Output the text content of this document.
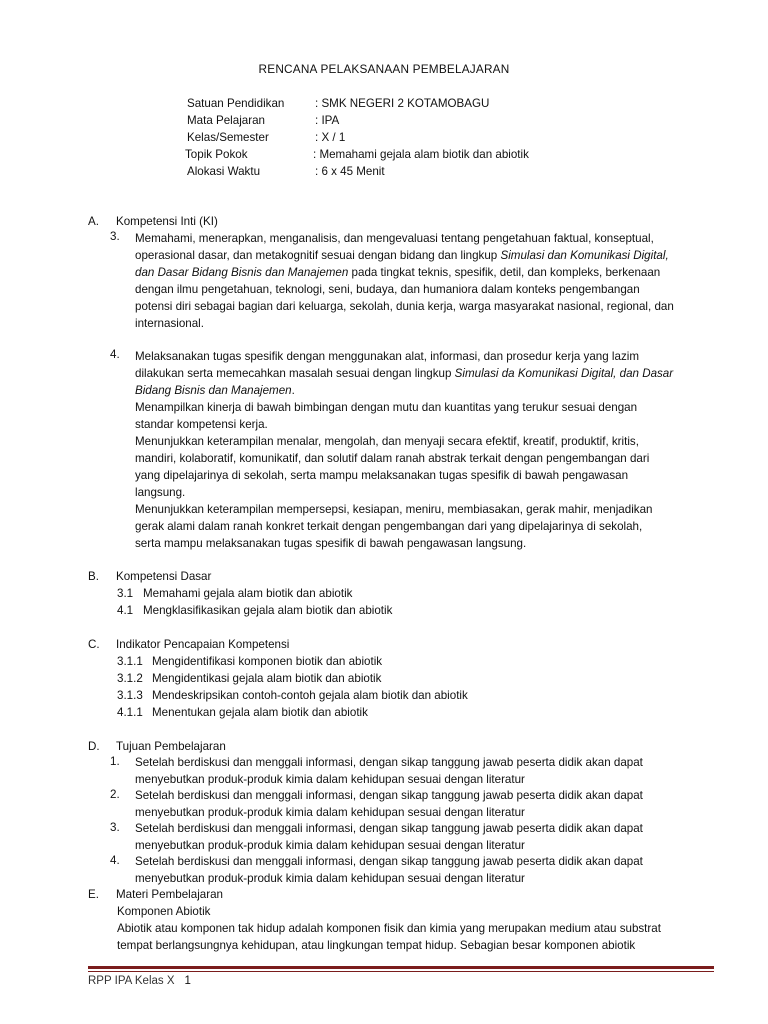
RENCANA PELAKSANAAN PEMBELAJARAN
Satuan Pendidikan	: SMK NEGERI 2 KOTAMOBAGU
Mata Pelajaran	: IPA
Kelas/Semester	: X / 1
Topik Pokok	: Memahami gejala alam biotik dan abiotik
Alokasi Waktu	: 6 x 45 Menit
A.	Kompetensi Inti (KI)
3.	Memahami, menerapkan, menganalisis, dan mengevaluasi tentang pengetahuan faktual, konseptual,
operasional dasar, dan metakognitif sesuai dengan bidang dan lingkup Simulasi dan Komunikasi Digital,
dan Dasar Bidang Bisnis dan Manajemen pada tingkat teknis, spesifik, detil, dan kompleks, berkenaan
dengan ilmu pengetahuan, teknologi, seni, budaya, dan humaniora dalam konteks pengembangan
potensi diri sebagai bagian dari keluarga, sekolah, dunia kerja, warga masyarakat nasional, regional, dan
internasional.
4.	Melaksanakan tugas spesifik dengan menggunakan alat, informasi, dan prosedur kerja yang lazim
dilakukan serta memecahkan masalah sesuai dengan lingkup Simulasi da Komunikasi Digital, dan Dasar
Bidang Bisnis dan Manajemen.
Menampilkan kinerja di bawah bimbingan dengan mutu dan kuantitas yang terukur sesuai dengan
standar kompetensi kerja.
Menunjukkan keterampilan menalar, mengolah, dan menyaji secara efektif, kreatif, produktif, kritis,
mandiri, kolaboratif, komunikatif, dan solutif dalam ranah abstrak terkait dengan pengembangan dari
yang dipelajarinya di sekolah, serta mampu melaksanakan tugas spesifik di bawah pengawasan
langsung.
Menunjukkan keterampilan mempersepsi, kesiapan, meniru, membiasakan, gerak mahir, menjadikan
gerak alami dalam ranah konkret terkait dengan pengembangan dari yang dipelajarinya di sekolah,
serta mampu melaksanakan tugas spesifik di bawah pengawasan langsung.
B.	Kompetensi Dasar
3.1 Memahami gejala alam biotik dan abiotik
4.1 Mengklasifikasikan gejala alam biotik dan abiotik
C.	Indikator Pencapaian Kompetensi
3.1.1 Mengidentifikasi komponen biotik dan abiotik
3.1.2 Mengidentikasi gejala alam biotik dan abiotik
3.1.3 Mendeskripsikan contoh-contoh gejala alam biotik dan abiotik
4.1.1 Menentukan gejala alam biotik dan abiotik
D.	Tujuan Pembelajaran
1.	Setelah berdiskusi dan menggali informasi, dengan sikap tanggung jawab peserta didik akan dapat
menyebutkan produk-produk kimia dalam kehidupan sesuai dengan literatur
2.	Setelah berdiskusi dan menggali informasi, dengan sikap tanggung jawab peserta didik akan dapat
menyebutkan produk-produk kimia dalam kehidupan sesuai dengan literatur
3.	Setelah berdiskusi dan menggali informasi, dengan sikap tanggung jawab peserta didik akan dapat
menyebutkan produk-produk kimia dalam kehidupan sesuai dengan literatur
4.	Setelah berdiskusi dan menggali informasi, dengan sikap tanggung jawab peserta didik akan dapat
menyebutkan produk-produk kimia dalam kehidupan sesuai dengan literatur
E.	Materi Pembelajaran
Komponen Abiotik
Abiotik atau komponen tak hidup adalah komponen fisik dan kimia yang merupakan medium atau substrat
tempat berlangsungnya kehidupan, atau lingkungan tempat hidup. Sebagian besar komponen abiotik
RPP IPA Kelas X 1
